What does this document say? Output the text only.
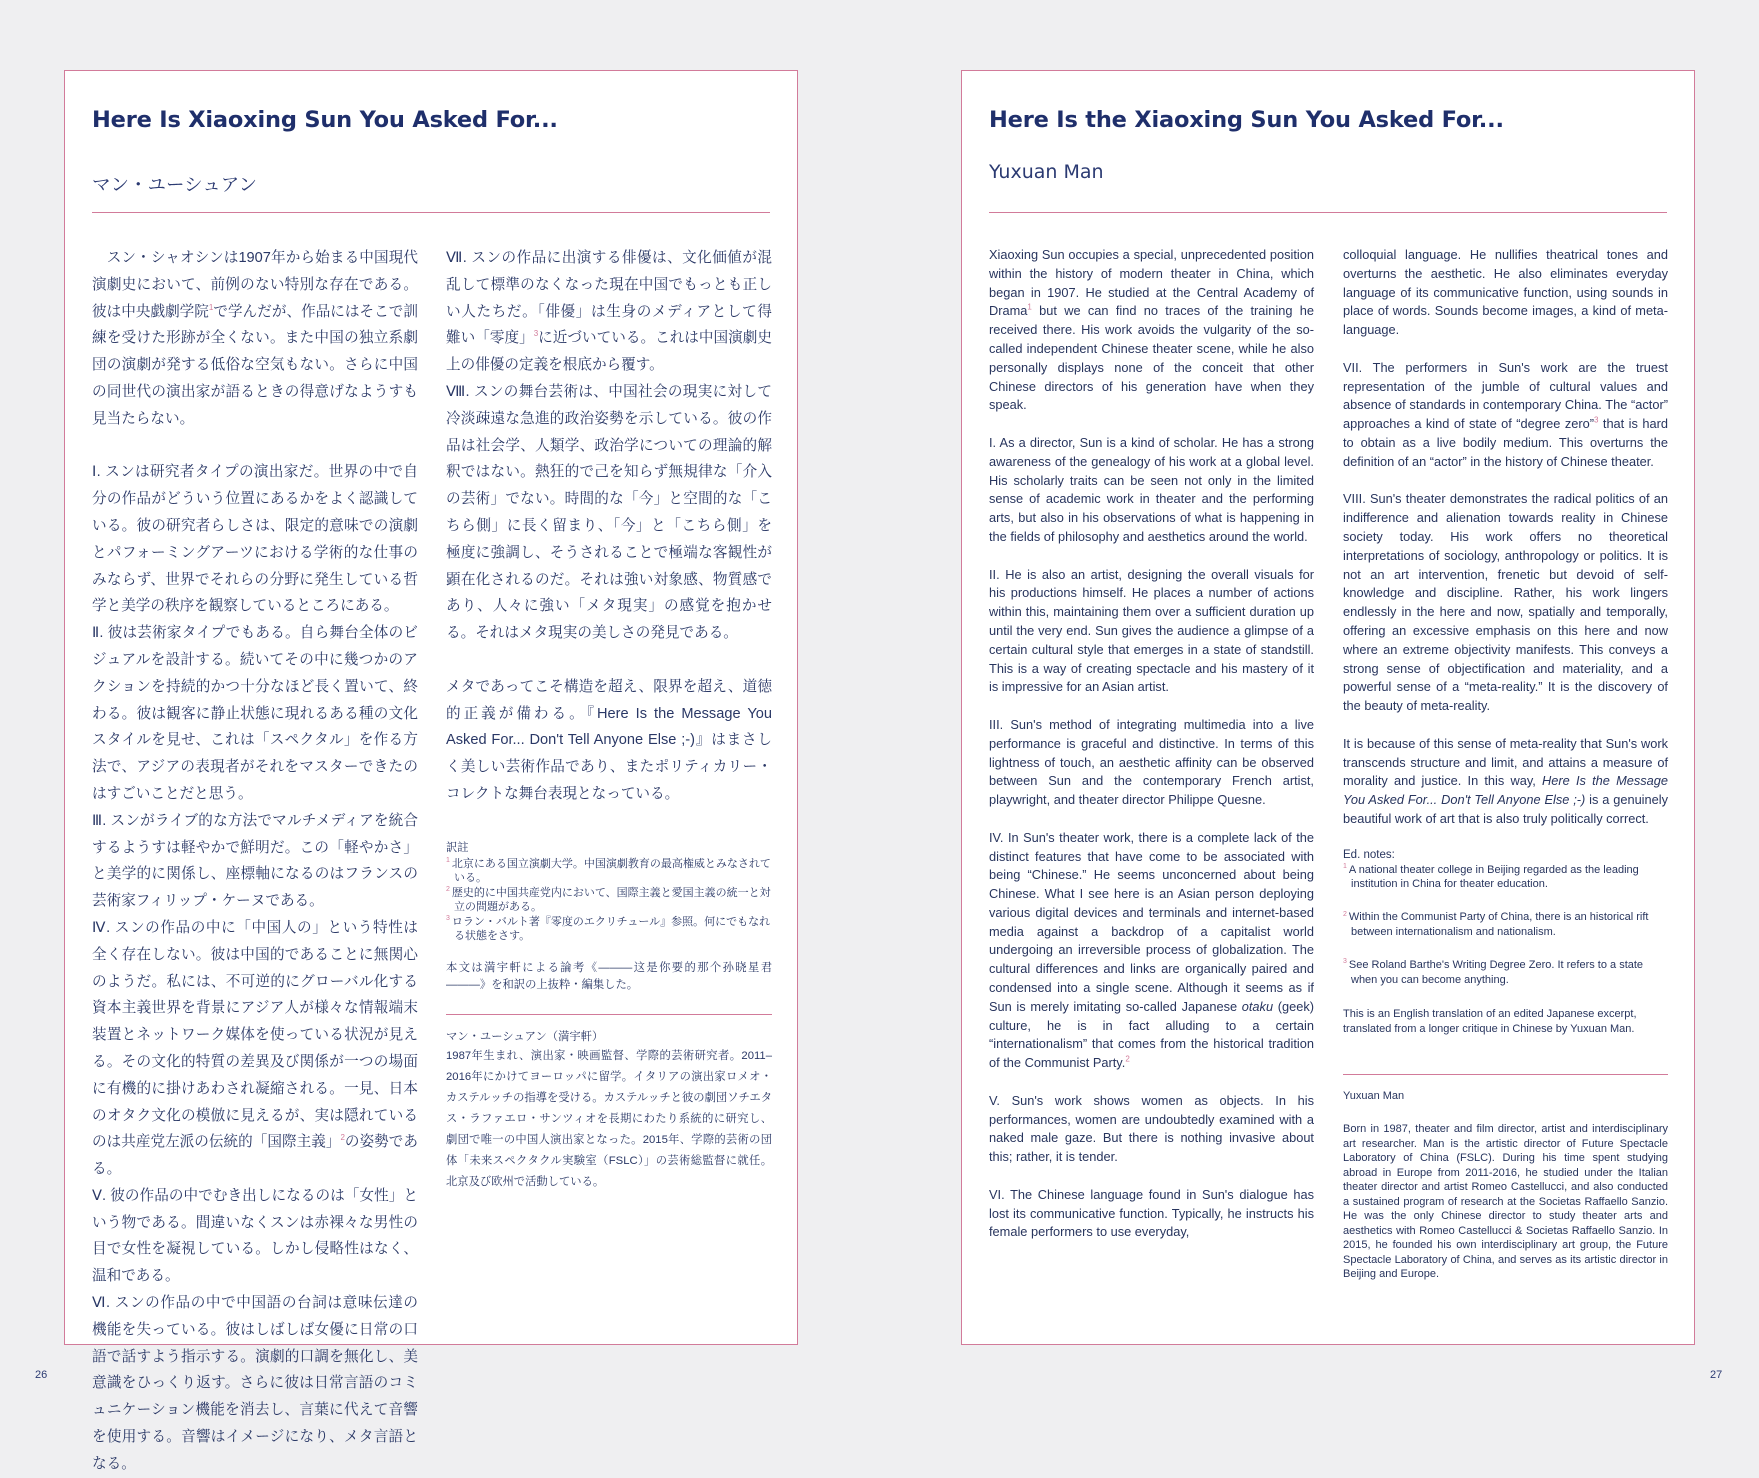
Here Is Xiaoxing Sun You Asked For...
マン・ユーシュアン

　スン・シャオシンは1907年から始まる中国現代演劇史において、前例のない特別な存在である。彼は中央戯劇学院$^1$で学んだが、作品にはそこで訓練を受けた形跡が全くない。また中国の独立系劇団の演劇が発する低俗な空気もない。さらに中国の同世代の演出家が語るときの得意げなようすも見当たらない。

Ⅰ. スンは研究者タイプの演出家だ。世界の中で自分の作品がどういう位置にあるかをよく認識している。彼の研究者らしさは、限定的意味での演劇とパフォーミングアーツにおける学術的な仕事のみならず、世界でそれらの分野に発生している哲学と美学の秩序を観察しているところにある。

Ⅱ. 彼は芸術家タイプでもある。自ら舞台全体のビジュアルを設計する。続いてその中に幾つかのアクションを持続的かつ十分なほど長く置いて、終わる。彼は観客に静止状態に現れるある種の文化スタイルを見せ、これは「スペクタル」を作る方法で、アジアの表現者がそれをマスターできたのはすごいことだと思う。

Ⅲ. スンがライブ的な方法でマルチメディアを統合するようすは軽やかで鮮明だ。この「軽やかさ」と美学的に関係し、座標軸になるのはフランスの芸術家フィリップ・ケーヌである。

Ⅳ. スンの作品の中に「中国人の」という特性は全く存在しない。彼は中国的であることに無関心のようだ。私には、不可逆的にグローバル化する資本主義世界を背景にアジア人が様々な情報端末装置とネットワーク媒体を使っている状況が見える。その文化的特質の差異及び関係が一つの場面に有機的に掛けあわされ凝縮される。一見、日本のオタク文化の模倣に見えるが、実は隠れているのは共産党左派の伝統的「国際主義」$^2$の姿勢である。

Ⅴ. 彼の作品の中でむき出しになるのは「女性」という物である。間違いなくスンは赤裸々な男性の目で女性を凝視している。しかし侵略性はなく、温和である。

Ⅵ. スンの作品の中で中国語の台詞は意味伝達の機能を失っている。彼はしばしば女優に日常の口語で話すよう指示する。演劇的口調を無化し、美意識をひっくり返す。さらに彼は日常言語のコミュニケーション機能を消去し、言葉に代えて音響を使用する。音響はイメージになり、メタ言語となる。

Ⅶ. スンの作品に出演する俳優は、文化価値が混乱して標準のなくなった現在中国でもっとも正しい人たちだ。「俳優」は生身のメディアとして得難い「零度」$^3$に近づいている。これは中国演劇史上の俳優の定義を根底から覆す。

Ⅷ. スンの舞台芸術は、中国社会の現実に対して冷淡疎遠な急進的政治姿勢を示している。彼の作品は社会学、人類学、政治学についての理論的解釈ではない。熱狂的で己を知らず無規律な「介入の芸術」でない。時間的な「今」と空間的な「こちら側」に長く留まり、「今」と「こちら側」を極度に強調し、そうされることで極端な客観性が顕在化されるのだ。それは強い対象感、物質感であり、人々に強い「メタ現実」の感覚を抱かせる。それはメタ現実の美しさの発見である。

メタであってこそ構造を超え、限界を超え、道徳的正義が備わる。『Here Is the Message You Asked For... Don't Tell Anyone Else ;-)』はまさしく美しい芸術作品であり、またポリティカリー・コレクトな舞台表現となっている。

訳註

$^1$ 北京にある国立演劇大学。中国演劇教育の最高権威とみなされている。

$^2$ 歴史的に中国共産党内において、国際主義と愛国主義の統一と対立の問題がある。

$^3$ ロラン・バルト著『零度のエクリチュール』参照。何にでもなれる状態をさす。

本文は満宇軒による論考《———这是你要的那个孙晓星君———》を和訳の上抜粋・編集した。

マン・ユーシュアン（満宇軒）

1987年生まれ、演出家・映画監督、学際的芸術研究者。2011–2016年にかけてヨーロッパに留学。イタリアの演出家ロメオ・カステルッチの指導を受ける。カステルッチと彼の劇団ソチエタス・ラファエロ・サンツィオを長期にわたり系統的に研究し、劇団で唯一の中国人演出家となった。2015年、学際的芸術の団体「未来スペクタクル実験室（FSLC）」の芸術総監督に就任。北京及び欧州で活動している。

Here Is the Xiaoxing Sun You Asked For...
Yuxuan Man

Xiaoxing Sun occupies a special, unprecedented position within the history of modern theater in China, which began in 1907. He studied at the Central Academy of Drama$^1$ but we can find no traces of the training he received there. His work avoids the vulgarity of the so-called independent Chinese theater scene, while he also personally displays none of the conceit that other Chinese directors of his generation have when they speak.

I. As a director, Sun is a kind of scholar. He has a strong awareness of the genealogy of his work at a global level. His scholarly traits can be seen not only in the limited sense of academic work in theater and the performing arts, but also in his observations of what is happening in the fields of philosophy and aesthetics around the world.

II. He is also an artist, designing the overall visuals for his productions himself. He places a number of actions within this, maintaining them over a sufficient duration up until the very end. Sun gives the audience a glimpse of a certain cultural style that emerges in a state of standstill. This is a way of creating spectacle and his mastery of it is impressive for an Asian artist.

III. Sun's method of integrating multimedia into a live performance is graceful and distinctive. In terms of this lightness of touch, an aesthetic affinity can be observed between Sun and the contemporary French artist, playwright, and theater director Philippe Quesne.

IV. In Sun's theater work, there is a complete lack of the distinct features that have come to be associated with being “Chinese.” He seems unconcerned about being Chinese. What I see here is an Asian person deploying various digital devices and terminals and internet-based media against a backdrop of a capitalist world undergoing an irreversible process of globalization. The cultural differences and links are organically paired and condensed into a single scene. Although it seems as if Sun is merely imitating so-called Japanese otaku (geek) culture, he is in fact alluding to a certain “internationalism” that comes from the historical tradition of the Communist Party.$^2$

V. Sun's work shows women as objects. In his performances, women are undoubtedly examined with a naked male gaze. But there is nothing invasive about this; rather, it is tender.

VI. The Chinese language found in Sun's dialogue has lost its communicative function. Typically, he instructs his female performers to use everyday,

colloquial language. He nullifies theatrical tones and overturns the aesthetic. He also eliminates everyday language of its communicative function, using sounds in place of words. Sounds become images, a kind of meta-language.

VII. The performers in Sun's work are the truest representation of the jumble of cultural values and absence of standards in contemporary China. The “actor” approaches a kind of state of “degree zero”$^3$ that is hard to obtain as a live bodily medium. This overturns the definition of an “actor” in the history of Chinese theater.

VIII. Sun's theater demonstrates the radical politics of an indifference and alienation towards reality in Chinese society today. His work offers no theoretical interpretations of sociology, anthropology or politics. It is not an art intervention, frenetic but devoid of self-knowledge and discipline. Rather, his work lingers endlessly in the here and now, spatially and temporally, offering an excessive emphasis on this here and now where an extreme objectivity manifests. This conveys a strong sense of objectification and materiality, and a powerful sense of a “meta-reality.” It is the discovery of the beauty of meta-reality.

It is because of this sense of meta-reality that Sun's work transcends structure and limit, and attains a measure of morality and justice. In this way, Here Is the Message You Asked For... Don't Tell Anyone Else ;-) is a genuinely beautiful work of art that is also truly politically correct.

Ed. notes:

$^1$ A national theater college in Beijing regarded as the leading institution in China for theater education.

$^2$ Within the Communist Party of China, there is an historical rift between internationalism and nationalism.

$^3$ See Roland Barthe's Writing Degree Zero. It refers to a state when you can become anything.

This is an English translation of an edited Japanese excerpt, translated from a longer critique in Chinese by Yuxuan Man.

Yuxuan Man

Born in 1987, theater and film director, artist and interdisciplinary art researcher. Man is the artistic director of Future Spectacle Laboratory of China (FSLC). During his time spent studying abroad in Europe from 2011-2016, he studied under the Italian theater director and artist Romeo Castellucci, and also conducted a sustained program of research at the Societas Raffaello Sanzio. He was the only Chinese director to study theater arts and aesthetics with Romeo Castellucci & Societas Raffaello Sanzio. In 2015, he founded his own interdisciplinary art group, the Future Spectacle Laboratory of China, and serves as its artistic director in Beijing and Europe.

26	27
